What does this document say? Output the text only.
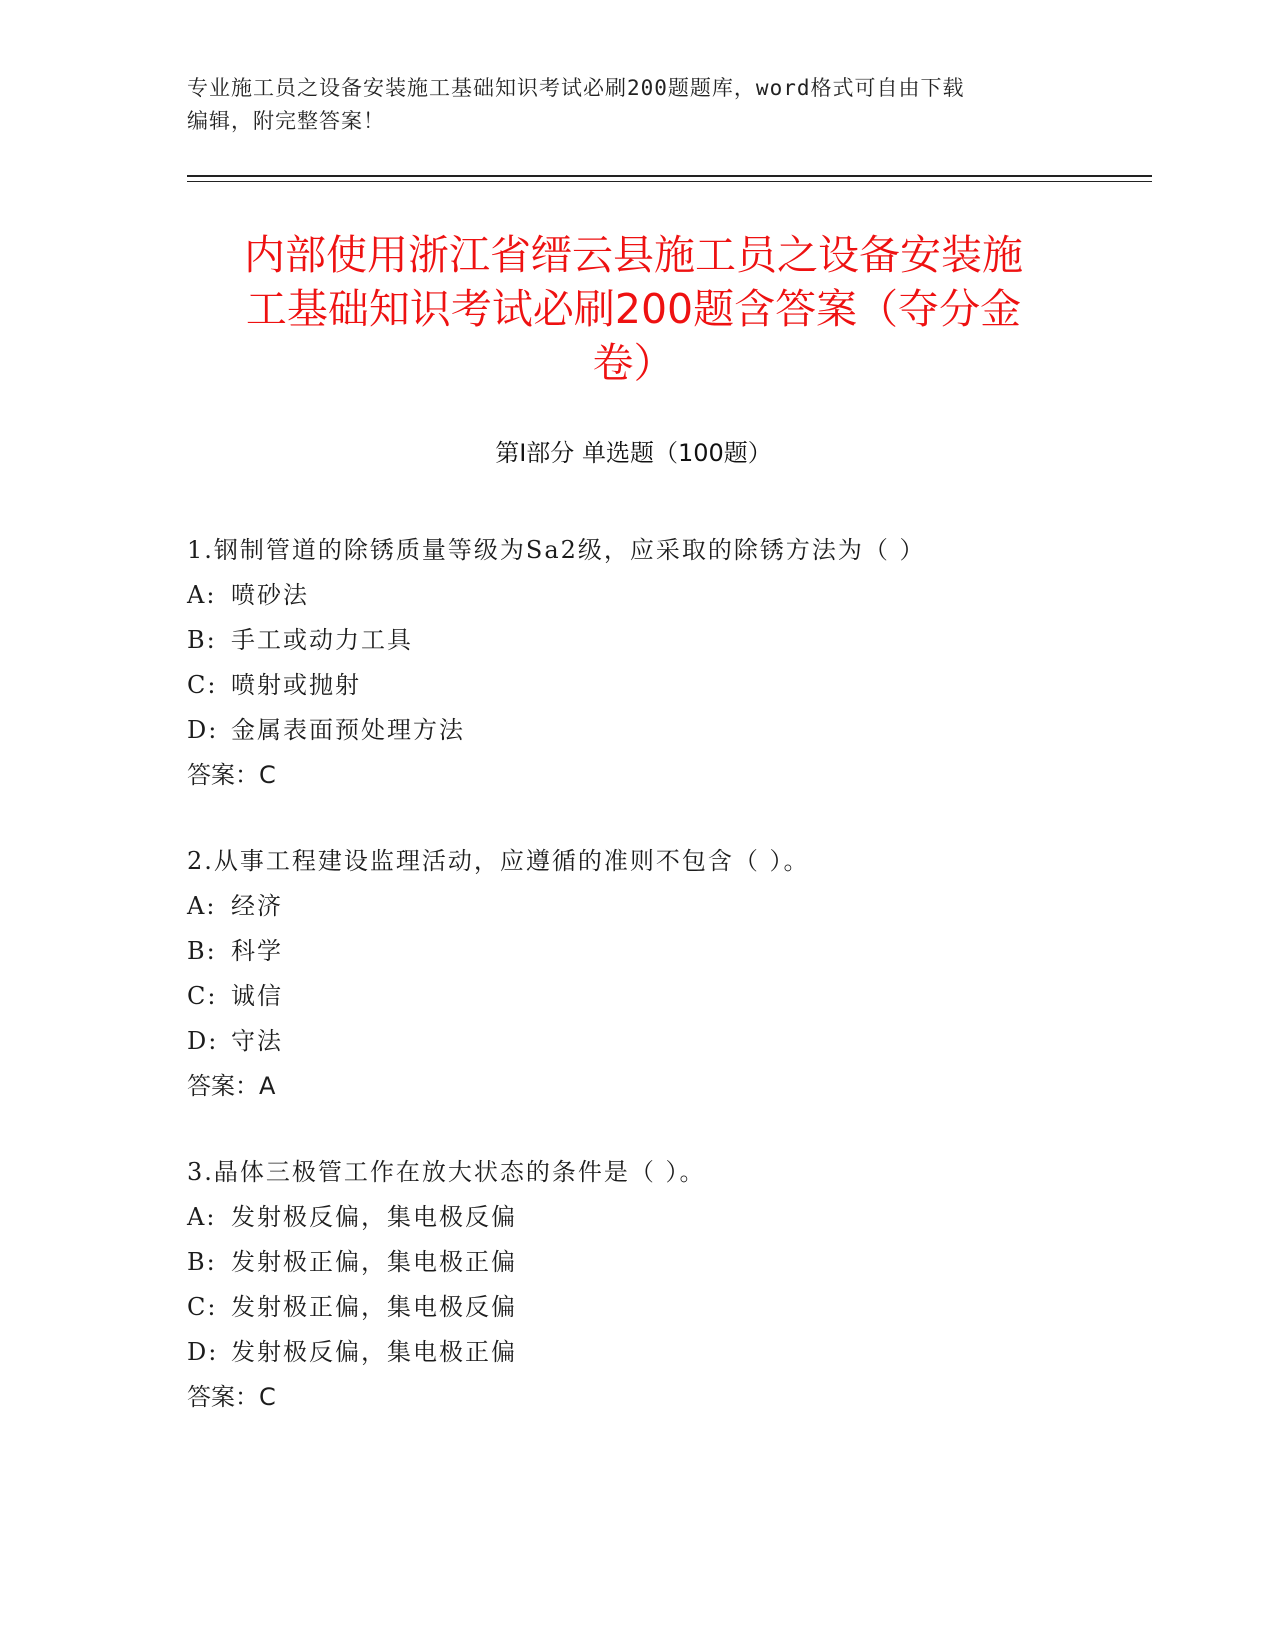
专业施工员之设备安装施工基础知识考试必刷200题题库，word格式可自由下载
编辑，附完整答案！
内部使用浙江省缙云县施工员之设备安装施
工基础知识考试必刷200题含答案（夺分金
卷）
第Ⅰ部分 单选题（100题）
1.钢制管道的除锈质量等级为Sa2级，应采取的除锈方法为（ ）
A: 喷砂法
B: 手工或动力工具
C: 喷射或抛射
D: 金属表面预处理方法
答案：C
2.从事工程建设监理活动，应遵循的准则不包含（ ）。
A: 经济
B: 科学
C: 诚信
D: 守法
答案：A
3.晶体三极管工作在放大状态的条件是（ ）。
A: 发射极反偏，集电极反偏
B: 发射极正偏，集电极正偏
C: 发射极正偏，集电极反偏
D: 发射极反偏，集电极正偏
答案：C
